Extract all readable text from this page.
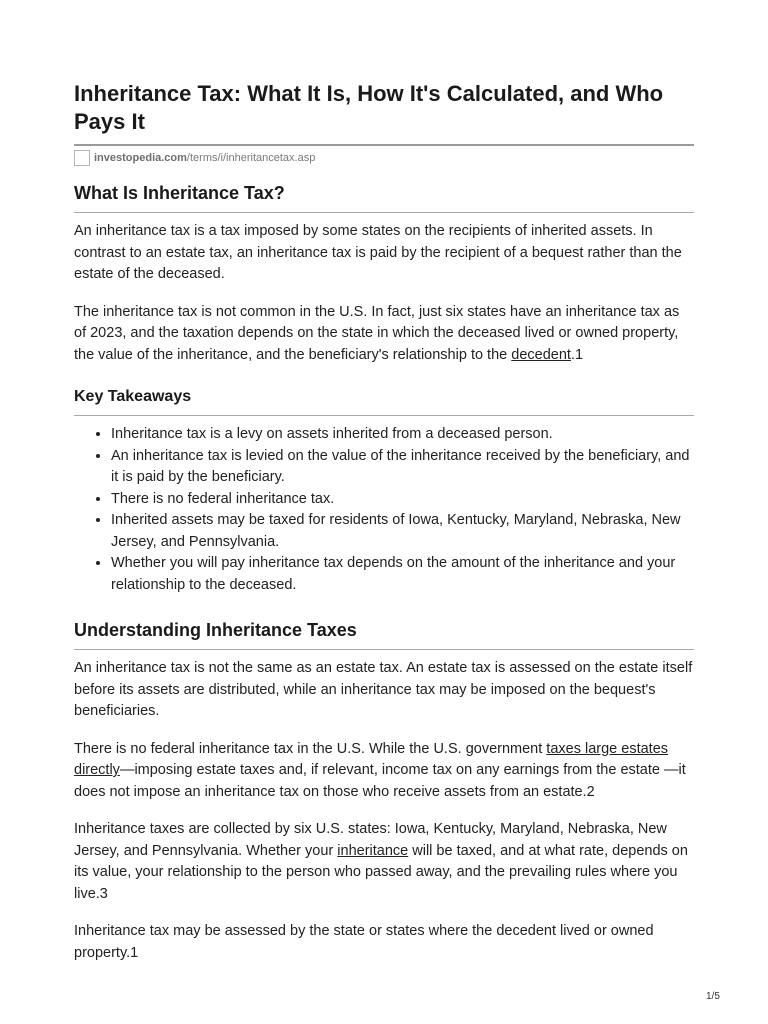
Inheritance Tax: What It Is, How It's Calculated, and Who Pays It
investopedia.com /terms/i/inheritancetax.asp
What Is Inheritance Tax?

An inheritance tax is a tax imposed by some states on the recipients of inherited assets. In contrast to an estate tax, an inheritance tax is paid by the recipient of a bequest rather than the estate of the deceased.

The inheritance tax is not common in the U.S. In fact, just six states have an inheritance tax as of 2023, and the taxation depends on the state in which the deceased lived or owned property, the value of the inheritance, and the beneficiary's relationship to the decedent.1

Key Takeaways
• Inheritance tax is a levy on assets inherited from a deceased person.
• An inheritance tax is levied on the value of the inheritance received by the beneficiary, and it is paid by the beneficiary.
• There is no federal inheritance tax.
• Inherited assets may be taxed for residents of Iowa, Kentucky, Maryland, Nebraska, New Jersey, and Pennsylvania.
• Whether you will pay inheritance tax depends on the amount of the inheritance and your relationship to the deceased.
Understanding Inheritance Taxes

An inheritance tax is not the same as an estate tax. An estate tax is assessed on the estate itself before its assets are distributed, while an inheritance tax may be imposed on the bequest's beneficiaries.

There is no federal inheritance tax in the U.S. While the U.S. government taxes large estates directly—imposing estate taxes and, if relevant, income tax on any earnings from the estate —it does not impose an inheritance tax on those who receive assets from an estate.2

Inheritance taxes are collected by six U.S. states: Iowa, Kentucky, Maryland, Nebraska, New Jersey, and Pennsylvania. Whether your inheritance will be taxed, and at what rate, depends on its value, your relationship to the person who passed away, and the prevailing rules where you live.3

Inheritance tax may be assessed by the state or states where the decedent lived or owned property.1

1/5
